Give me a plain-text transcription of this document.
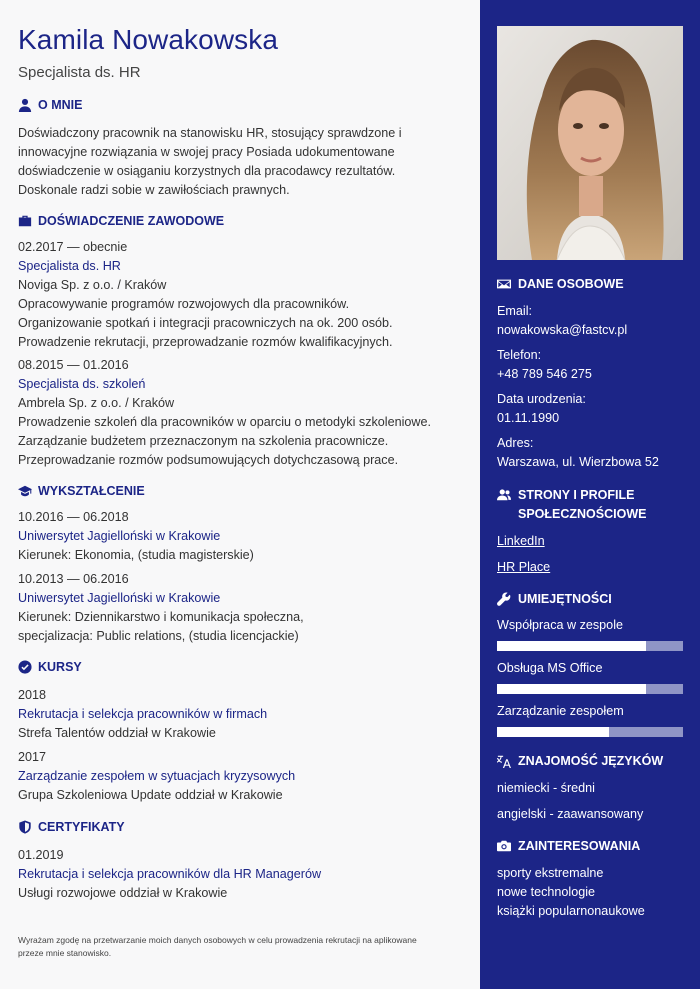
Kamila Nowakowska
Specjalista ds. HR
O MNIE
Doświadczony pracownik na stanowisku HR, stosujący sprawdzone i
innowacyjne rozwiązania w swojej pracy Posiada udokumentowane
doświadczenie w osiąganiu korzystnych dla pracodawcy rezultatów.
Doskonale radzi sobie w zawiłościach prawnych.
DOŚWIADCZENIE ZAWODOWE
02.2017 — obecnie
Specjalista ds. HR
Noviga Sp. z o.o. / Kraków
Opracowywanie programów rozwojowych dla pracowników.
Organizowanie spotkań i integracji pracowniczych na ok. 200 osób.
Prowadzenie rekrutacji, przeprowadzanie rozmów kwalifikacyjnych.
08.2015 — 01.2016
Specjalista ds. szkoleń
Ambrela Sp. z o.o. / Kraków
Prowadzenie szkoleń dla pracowników w oparciu o metodyki szkoleniowe.
Zarządzanie budżetem przeznaczonym na szkolenia pracownicze.
Przeprowadzanie rozmów podsumowujących dotychczasową prace.
WYKSZTAŁCENIE
10.2016 — 06.2018
Uniwersytet Jagielloński w Krakowie
Kierunek: Ekonomia, (studia magisterskie)
10.2013 — 06.2016
Uniwersytet Jagielloński w Krakowie
Kierunek: Dziennikarstwo i komunikacja społeczna,
specjalizacja: Public relations, (studia licencjackie)
KURSY
2018
Rekrutacja i selekcja pracowników w firmach
Strefa Talentów oddział w Krakowie
2017
Zarządzanie zespołem w sytuacjach kryzysowych
Grupa Szkoleniowa Update oddział w Krakowie
CERTYFIKATY
01.2019
Rekrutacja i selekcja pracowników dla HR Managerów
Usługi rozwojowe oddział w Krakowie
Wyrażam zgodę na przetwarzanie moich danych osobowych w celu prowadzenia rekrutacji na aplikowane przeze mnie stanowisko.
DANE OSOBOWE
Email:
nowakowska@fastcv.pl
Telefon:
+48 789 546 275
Data urodzenia:
01.11.1990
Adres:
Warszawa, ul. Wierzbowa 52
STRONY I PROFILE
SPOŁECZNOŚCIOWE
LinkedIn
HR Place
UMIEJĘTNOŚCI
Współpraca w zespole
Obsługa MS Office
Zarządzanie zespołem
ZNAJOMOŚĆ JĘZYKÓW
niemiecki - średni
angielski - zaawansowany
ZAINTERESOWANIA
sporty ekstremalne
nowe technologie
książki popularnonaukowe
